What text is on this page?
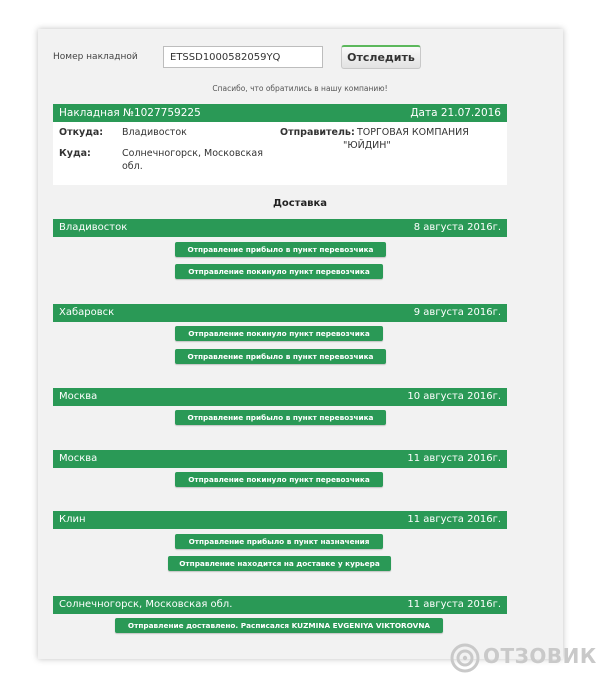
Номер накладной
ETSSD1000582059YQ	Отследить
Спасибо, что обратились в нашу компанию!
Накладная №1027759225	Дата 21.07.2016
Откуда: Владивосток
Куда:	Солнечногорск, Московская
обл.
Отправитель: ТОРГОВАЯ КОМПАНИЯ
"ЮЙДИН"
Доставка
Владивосток	8 августа 2016г.
Отправление прибыло в пункт перевозчика
Отправление покинуло пункт перевозчика
Хабаровск	9 августа 2016г.
Отправление покинуло пункт перевозчика
Отправление прибыло в пункт перевозчика
Москва	10 августа 2016г.
Отправление прибыло в пункт перевозчика
Москва	11 августа 2016г.
Отправление покинуло пункт перевозчика
Клин	11 августа 2016г.
Отправление прибыло в пункт назначения
Отправление находится на доставке у курьера
Солнечногорск, Московская обл.	11 августа 2016г.
Отправление доставлено. Расписался KUZMINA EVGENIYA VIKTOROVNA
ОТЗОВИК
